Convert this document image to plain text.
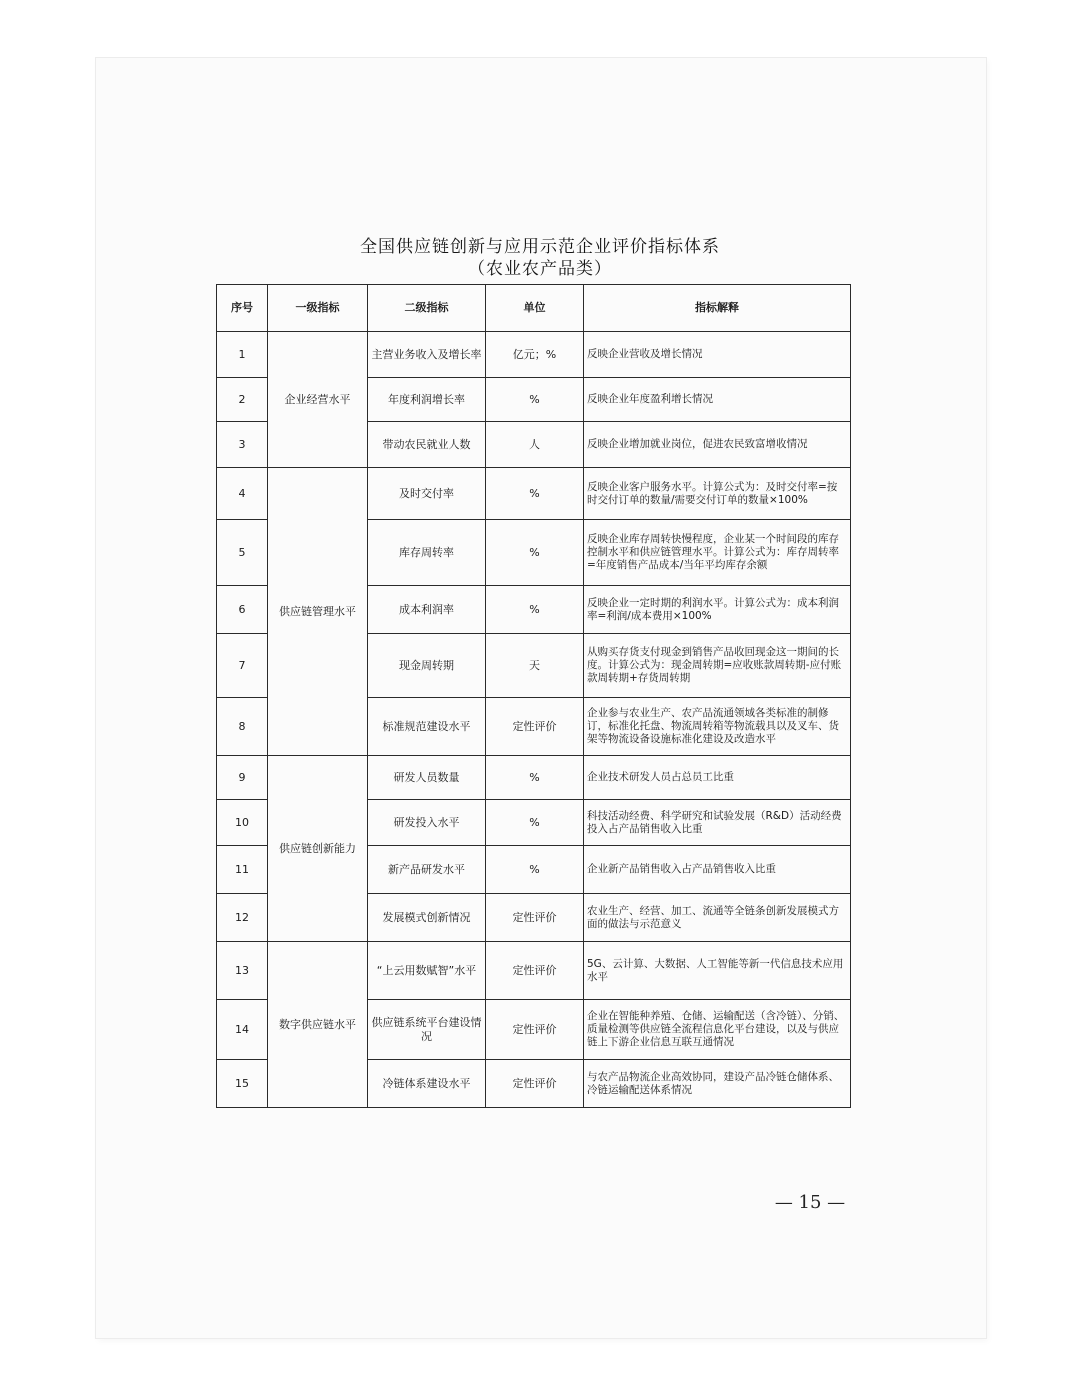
全国供应链创新与应用示范企业评价指标体系
（农业农产品类）
序号	一级指标	二级指标	单位	指标解释
1	企业经营水平	主营业务收入及增长率	亿元；%	反映企业营收及增长情况
2		年度利润增长率	%	反映企业年度盈利增长情况
3		带动农民就业人数	人	反映企业增加就业岗位，促进农民致富增收情况
4	供应链管理水平	及时交付率	%	反映企业客户服务水平。计算公式为：及时交付率=按时交付订单的数量/需要交付订单的数量×100%
5		库存周转率	%	反映企业库存周转快慢程度，企业某一个时间段的库存控制水平和供应链管理水平。计算公式为：库存周转率=年度销售产品成本/当年平均库存余额
6		成本利润率	%	反映企业一定时期的利润水平。计算公式为：成本利润率=利润/成本费用×100%
7		现金周转期	天	从购买存货支付现金到销售产品收回现金这一期间的长度。计算公式为：现金周转期=应收账款周转期-应付账款周转期+存货周转期
8		标准规范建设水平	定性评价	企业参与农业生产、农产品流通领域各类标准的制修订，标准化托盘、物流周转箱等物流载具以及叉车、货架等物流设备设施标准化建设及改造水平
9	供应链创新能力	研发人员数量	%	企业技术研发人员占总员工比重
10		研发投入水平	%	科技活动经费、科学研究和试验发展（R&D）活动经费投入占产品销售收入比重
11		新产品研发水平	%	企业新产品销售收入占产品销售收入比重
12		发展模式创新情况	定性评价	农业生产、经营、加工、流通等全链条创新发展模式方面的做法与示范意义
13	数字供应链水平	“上云用数赋智”水平	定性评价	5G、云计算、大数据、人工智能等新一代信息技术应用水平
14		供应链系统平台建设情况	定性评价	企业在智能种养殖、仓储、运输配送（含冷链）、分销、质量检测等供应链全流程信息化平台建设，以及与供应链上下游企业信息互联互通情况
15		冷链体系建设水平	定性评价	与农产品物流企业高效协同，建设产品冷链仓储体系、冷链运输配送体系情况
— 15 —
